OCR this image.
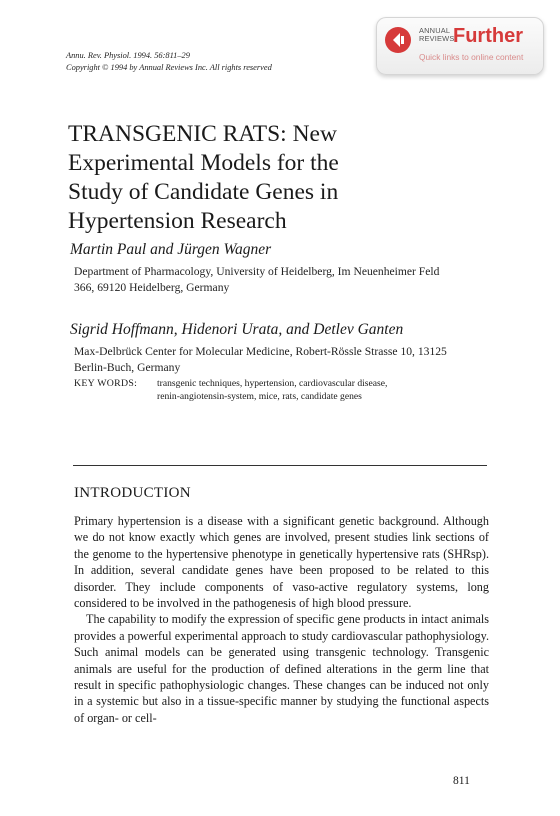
Annu. Rev. Physiol. 1994. 56:811–29
Copyright © 1994 by Annual Reviews Inc. All rights reserved
ANNUAL
REVIEWS
Further
Quick links to online content
TRANSGENIC RATS: New
Experimental Models for the
Study of Candidate Genes in
Hypertension Research
Martin Paul and Jürgen Wagner
Department of Pharmacology, University of Heidelberg, Im Neuenheimer Feld
366, 69120 Heidelberg, Germany
Sigrid Hoffmann, Hidenori Urata, and Detlev Ganten
Max-Delbrück Center for Molecular Medicine, Robert-Rössle Strasse 10, 13125
Berlin-Buch, Germany
KEY WORDS: transgenic techniques, hypertension, cardiovascular disease,
renin-angiotensin-system, mice, rats, candidate genes
INTRODUCTION

Primary hypertension is a disease with a significant genetic background. Although we do not know exactly which genes are involved, present studies link sections of the genome to the hypertensive phenotype in genetically hypertensive rats (SHRsp). In addition, several candidate genes have been proposed to be related to this disorder. They include components of vaso-active regulatory systems, long considered to be involved in the pathogenesis of high blood pressure.

The capability to modify the expression of specific gene products in intact animals provides a powerful experimental approach to study cardiovascular pathophysiology. Such animal models can be generated using transgenic technology. Transgenic animals are useful for the production of defined alterations in the germ line that result in specific pathophysiologic changes. These changes can be induced not only in a systemic but also in a tissue-specific manner by studying the functional aspects of organ- or cell-

811
